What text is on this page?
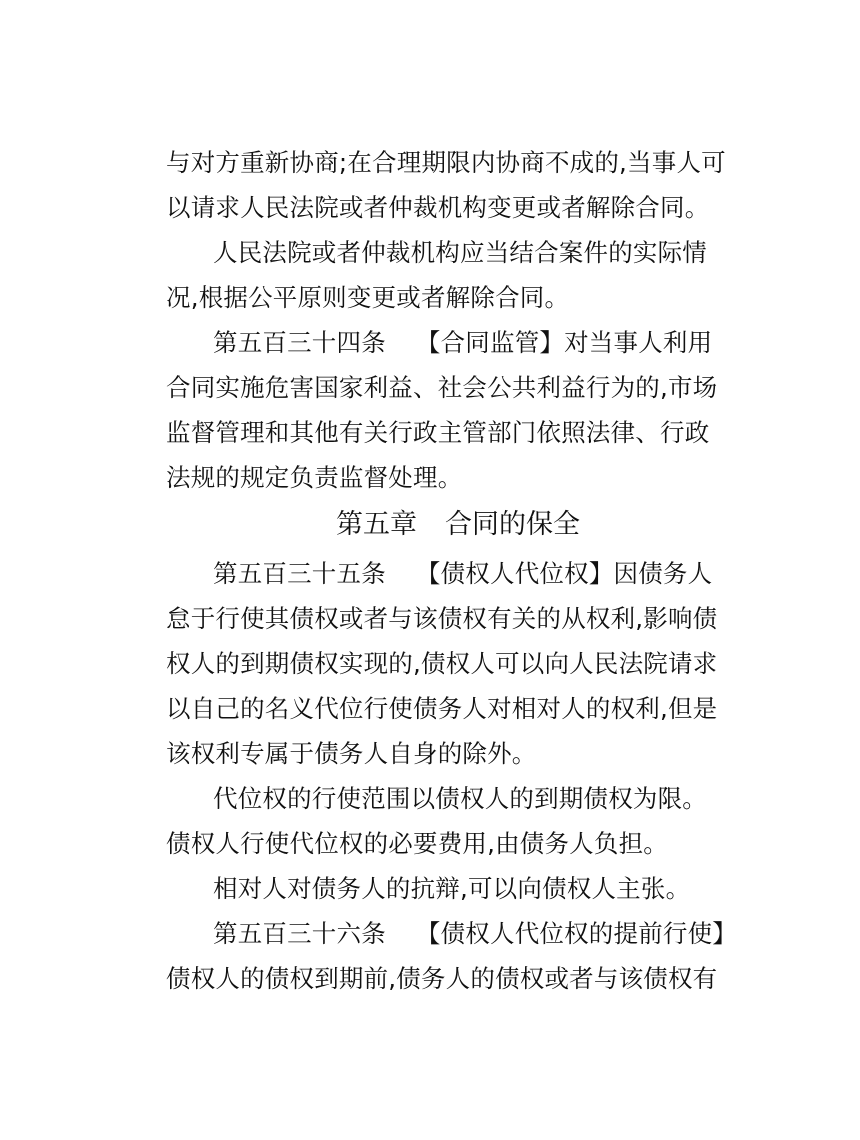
与对方重新协商;在合理期限内协商不成的,当事人可
以请求人民法院或者仲裁机构变更或者解除合同。
人民法院或者仲裁机构应当结合案件的实际情
况,根据公平原则变更或者解除合同。
第五百三十四条 【合同监管】对当事人利用
合同实施危害国家利益、社会公共利益行为的,市场
监督管理和其他有关行政主管部门依照法律、行政
法规的规定负责监督处理。
第五章 合同的保全
第五百三十五条 【债权人代位权】因债务人
怠于行使其债权或者与该债权有关的从权利,影响债
权人的到期债权实现的,债权人可以向人民法院请求
以自己的名义代位行使债务人对相对人的权利,但是
该权利专属于债务人自身的除外。
代位权的行使范围以债权人的到期债权为限。
债权人行使代位权的必要费用,由债务人负担。
相对人对债务人的抗辩,可以向债权人主张。
第五百三十六条 【债权人代位权的提前行使】
债权人的债权到期前,债务人的债权或者与该债权有
